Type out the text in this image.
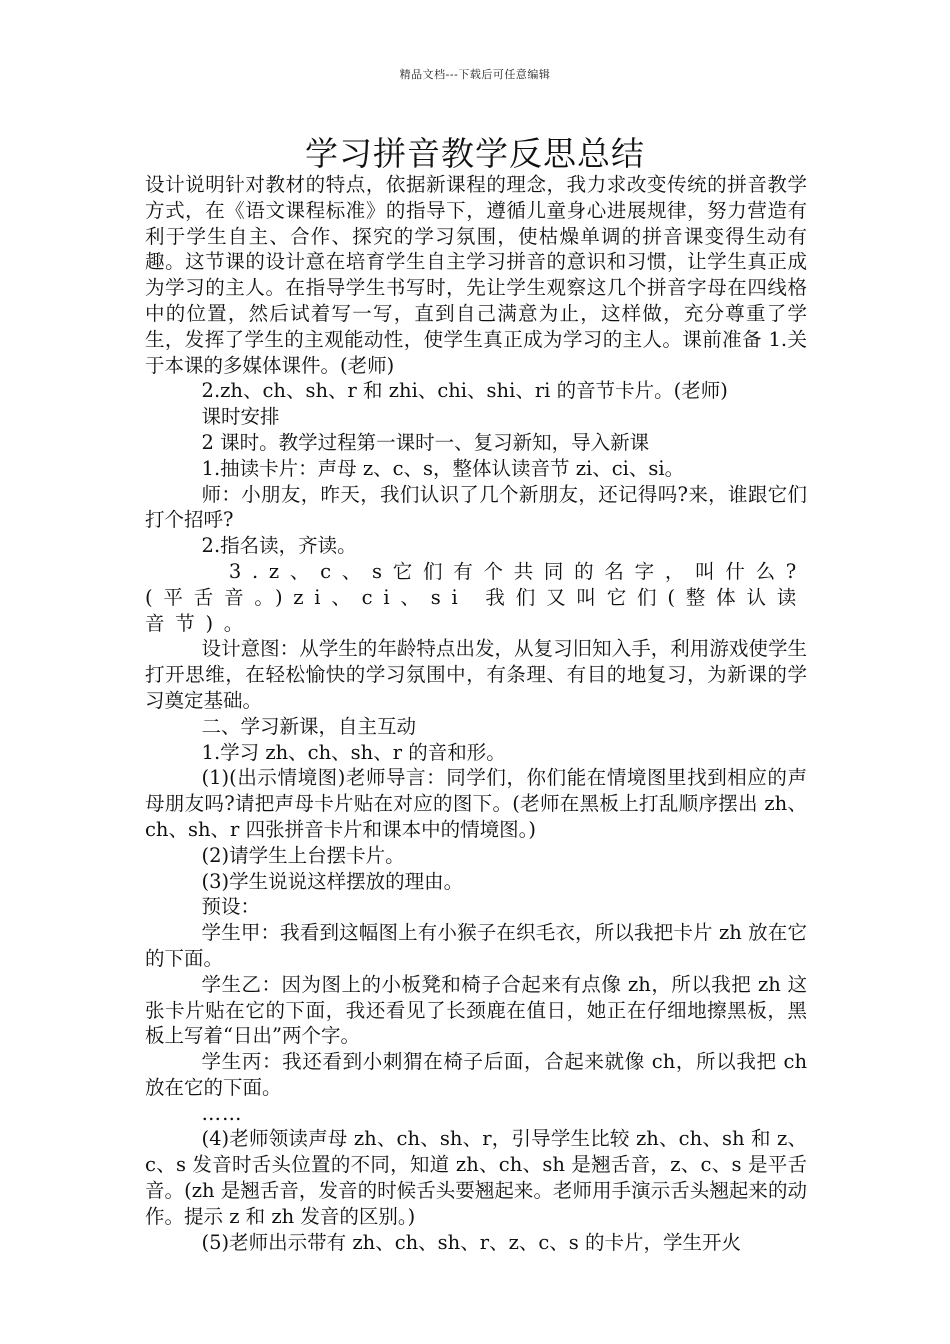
精品文档---下载后可任意编辑
学习拼音教学反思总结

设计说明针对教材的特点，依据新课程的理念，我力求改变传统的拼音教学方式，在《语文课程标准》的指导下，遵循儿童身心进展规律，努力营造有利于学生自主、合作、探究的学习氛围，使枯燥单调的拼音课变得生动有趣。这节课的设计意在培育学生自主学习拼音的意识和习惯，让学生真正成为学习的主人。在指导学生书写时，先让学生观察这几个拼音字母在四线格中的位置，然后试着写一写，直到自己满意为止，这样做，充分尊重了学生，发挥了学生的主观能动性，使学生真正成为学习的主人。课前准备 1.关于本课的多媒体课件。(老师)

2.zh、ch、sh、r 和 zhi、chi、shi、ri 的音节卡片。(老师)

课时安排

2 课时。教学过程第一课时一、复习新知，导入新课

1.抽读卡片：声母 z、c、s，整体认读音节 zi、ci、si。

师：小朋友，昨天，我们认识了几个新朋友，还记得吗?来，谁跟它们打个招呼?

2.指名读，齐读。

3.z、c、s它们有个共同的名字，叫什么?(平舌音。)zi、ci、si 我们又叫它们(整体认读音节)。

设计意图：从学生的年龄特点出发，从复习旧知入手，利用游戏使学生打开思维，在轻松愉快的学习氛围中，有条理、有目的地复习，为新课的学习奠定基础。

二、学习新课，自主互动

1.学习 zh、ch、sh、r 的音和形。

(1)(出示情境图)老师导言：同学们，你们能在情境图里找到相应的声母朋友吗?请把声母卡片贴在对应的图下。(老师在黑板上打乱顺序摆出 zh、ch、sh、r 四张拼音卡片和课本中的情境图。)

(2)请学生上台摆卡片。

(3)学生说说这样摆放的理由。

预设：

学生甲：我看到这幅图上有小猴子在织毛衣，所以我把卡片 zh 放在它的下面。

学生乙：因为图上的小板凳和椅子合起来有点像 zh，所以我把 zh 这张卡片贴在它的下面，我还看见了长颈鹿在值日，她正在仔细地擦黑板，黑板上写着“日出”两个字。

学生丙：我还看到小刺猬在椅子后面，合起来就像 ch，所以我把 ch 放在它的下面。

……

(4)老师领读声母 zh、ch、sh、r，引导学生比较 zh、ch、sh 和 z、c、s 发音时舌头位置的不同，知道 zh、ch、sh 是翘舌音，z、c、s 是平舌音。(zh 是翘舌音，发音的时候舌头要翘起来。老师用手演示舌头翘起来的动作。提示 z 和 zh 发音的区别。)

(5)老师出示带有 zh、ch、sh、r、z、c、s 的卡片，学生开火
